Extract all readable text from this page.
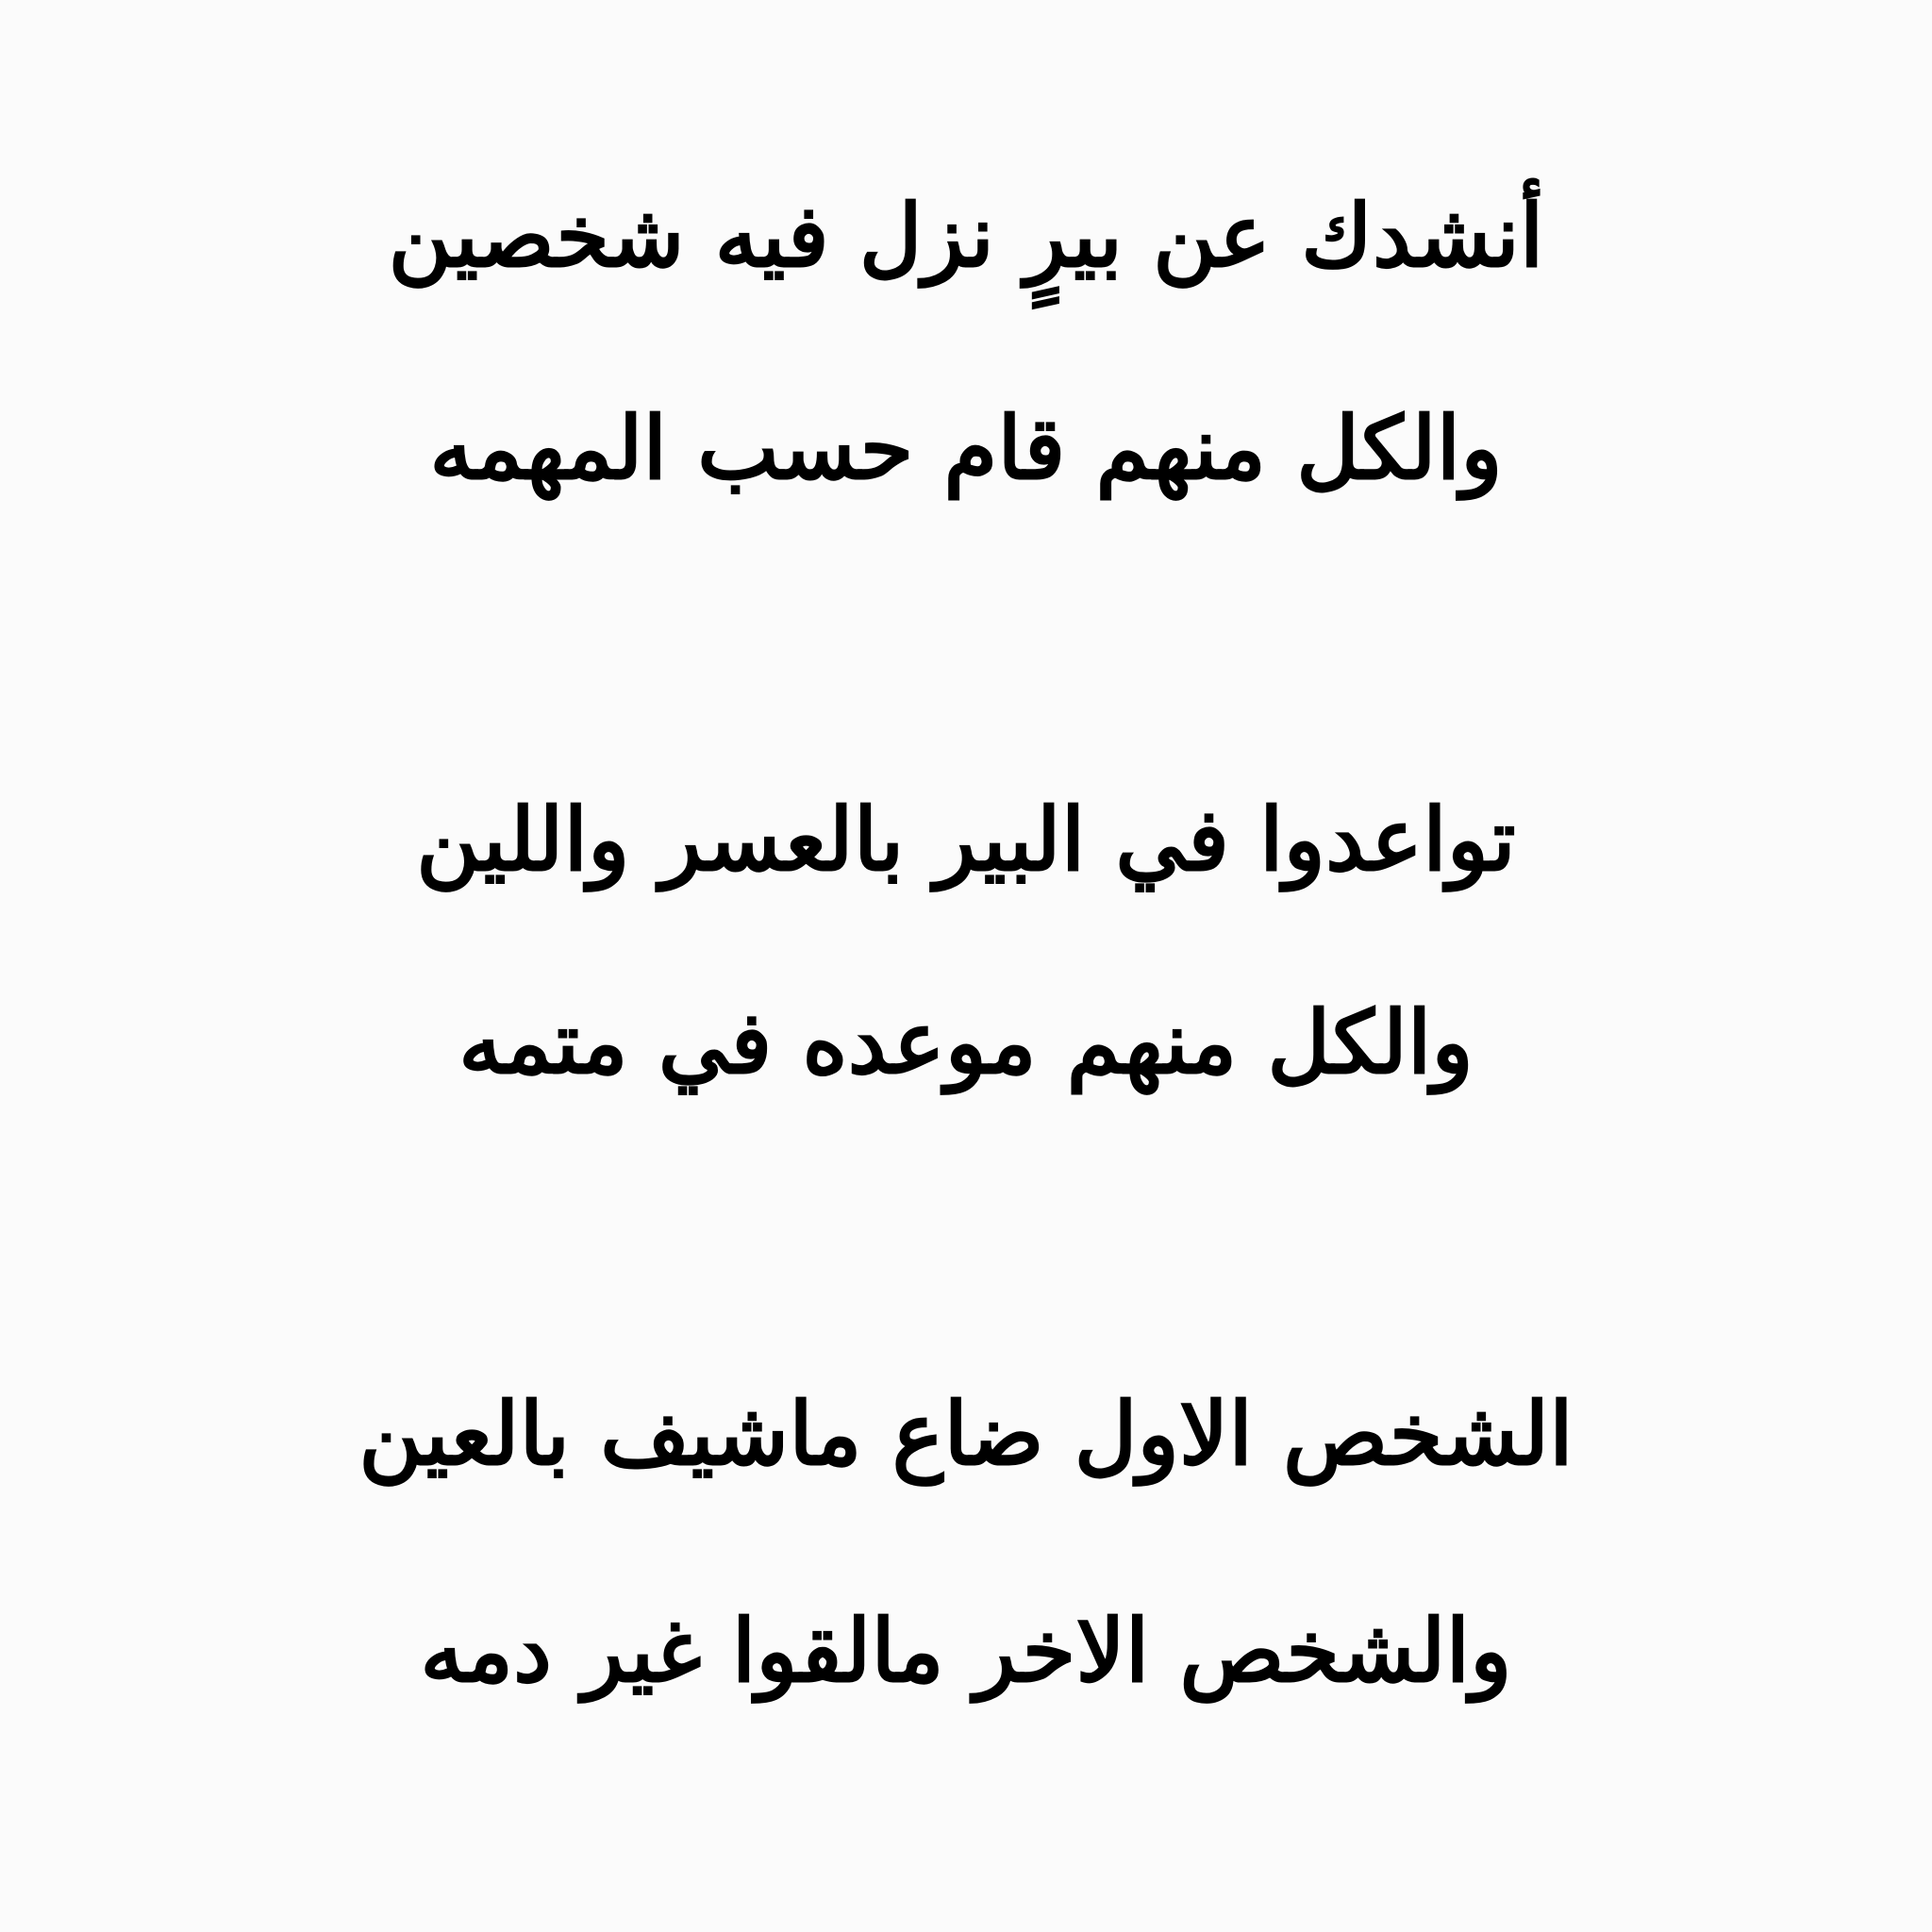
أنشدك عن بيرٍ نزل فيه شخصين
والكل منهم قام حسب المهمه
تواعدوا في البير بالعسر واللين
والكل منهم موعده في متمه
الشخص الاول ضاع ماشيف بالعين
والشخص الاخر مالقوا غير دمه
